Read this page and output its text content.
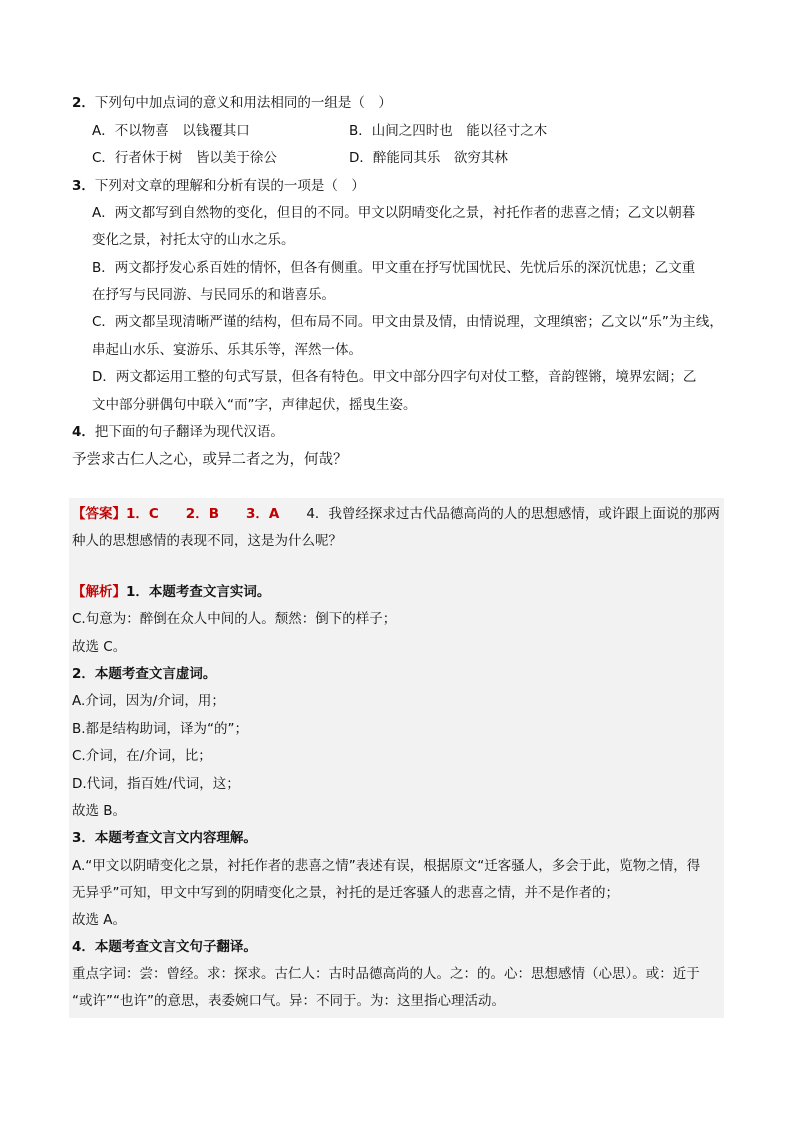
2．下列句中加点词的意义和用法相同的一组是（　）
A．不以物喜　以钱覆其口	B．山间之四时也　能以径寸之木
C．行者休于树　皆以美于徐公	D．醉能同其乐　欲穷其林
3．下列对文章的理解和分析有误的一项是（　）
A．两文都写到自然物的变化，但目的不同。甲文以阴晴变化之景，衬托作者的悲喜之情；乙文以朝暮
变化之景，衬托太守的山水之乐。
B．两文都抒发心系百姓的情怀，但各有侧重。甲文重在抒写忧国忧民、先忧后乐的深沉忧患；乙文重
在抒写与民同游、与民同乐的和谐喜乐。
C．两文都呈现清晰严谨的结构，但布局不同。甲文由景及情，由情说理，文理缜密；乙文以“乐”为主线，
串起山水乐、宴游乐、乐其乐等，浑然一体。
D．两文都运用工整的句式写景，但各有特色。甲文中部分四字句对仗工整，音韵铿锵，境界宏阔；乙
文中部分骈偶句中联入“而”字，声律起伏，摇曳生姿。
4．把下面的句子翻译为现代汉语。
予尝求古仁人之心，或异二者之为，何哉？
【答案】1．C　　2．B　　3．A　　4．我曾经探求过古代品德高尚的人的思想感情，或许跟上面说的那两
种人的思想感情的表现不同，这是为什么呢？
【解析】1．本题考查文言实词。
C.句意为：醉倒在众人中间的人。颓然：倒下的样子；
故选 C。
2．本题考查文言虚词。
A.介词，因为/介词，用；
B.都是结构助词，译为“的”；
C.介词，在/介词，比；
D.代词，指百姓/代词，这；
故选 B。
3．本题考查文言文内容理解。
A.“甲文以阴晴变化之景，衬托作者的悲喜之情”表述有误，根据原文“迁客骚人，多会于此，览物之情，得
无异乎”可知，甲文中写到的阴晴变化之景，衬托的是迁客骚人的悲喜之情，并不是作者的；
故选 A。
4．本题考查文言文句子翻译。
重点字词：尝：曾经。求：探求。古仁人：古时品德高尚的人。之：的。心：思想感情（心思）。或：近于
“或许”“也许”的意思，表委婉口气。异：不同于。为：这里指心理活动。
